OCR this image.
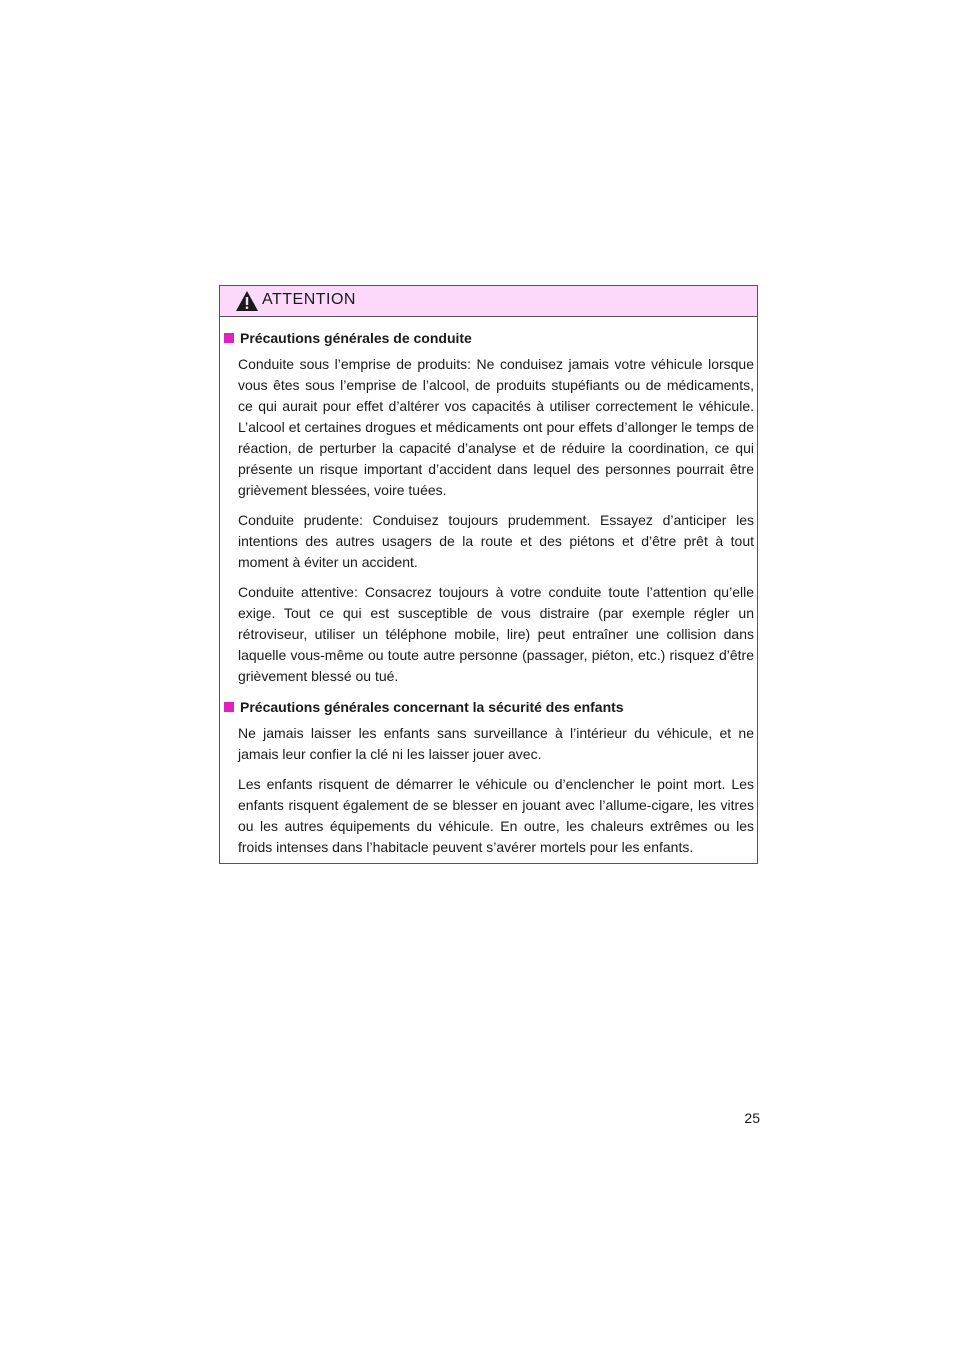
ATTENTION
Précautions générales de conduite

Conduite sous l’emprise de produits: Ne conduisez jamais votre véhicule lorsque vous êtes sous l’emprise de l’alcool, de produits stupéfiants ou de médicaments, ce qui aurait pour effet d’altérer vos capacités à utiliser correctement le véhicule. L’alcool et certaines drogues et médicaments ont pour effets d’allonger le temps de réaction, de perturber la capacité d’analyse et de réduire la coordination, ce qui présente un risque important d’accident dans lequel des personnes pourrait être grièvement blessées, voire tuées.

Conduite prudente: Conduisez toujours prudemment. Essayez d’anticiper les intentions des autres usagers de la route et des piétons et d’être prêt à tout moment à éviter un accident.

Conduite attentive: Consacrez toujours à votre conduite toute l’attention qu’elle exige. Tout ce qui est susceptible de vous distraire (par exemple régler un rétroviseur, utiliser un téléphone mobile, lire) peut entraîner une collision dans laquelle vous-même ou toute autre personne (passager, piéton, etc.) risquez d’être grièvement blessé ou tué.

Précautions générales concernant la sécurité des enfants

Ne jamais laisser les enfants sans surveillance à l’intérieur du véhicule, et ne jamais leur confier la clé ni les laisser jouer avec.

Les enfants risquent de démarrer le véhicule ou d’enclencher le point mort. Les enfants risquent également de se blesser en jouant avec l’allume-cigare, les vitres ou les autres équipements du véhicule. En outre, les chaleurs extrêmes ou les froids intenses dans l’habitacle peuvent s’avérer mortels pour les enfants.

25
